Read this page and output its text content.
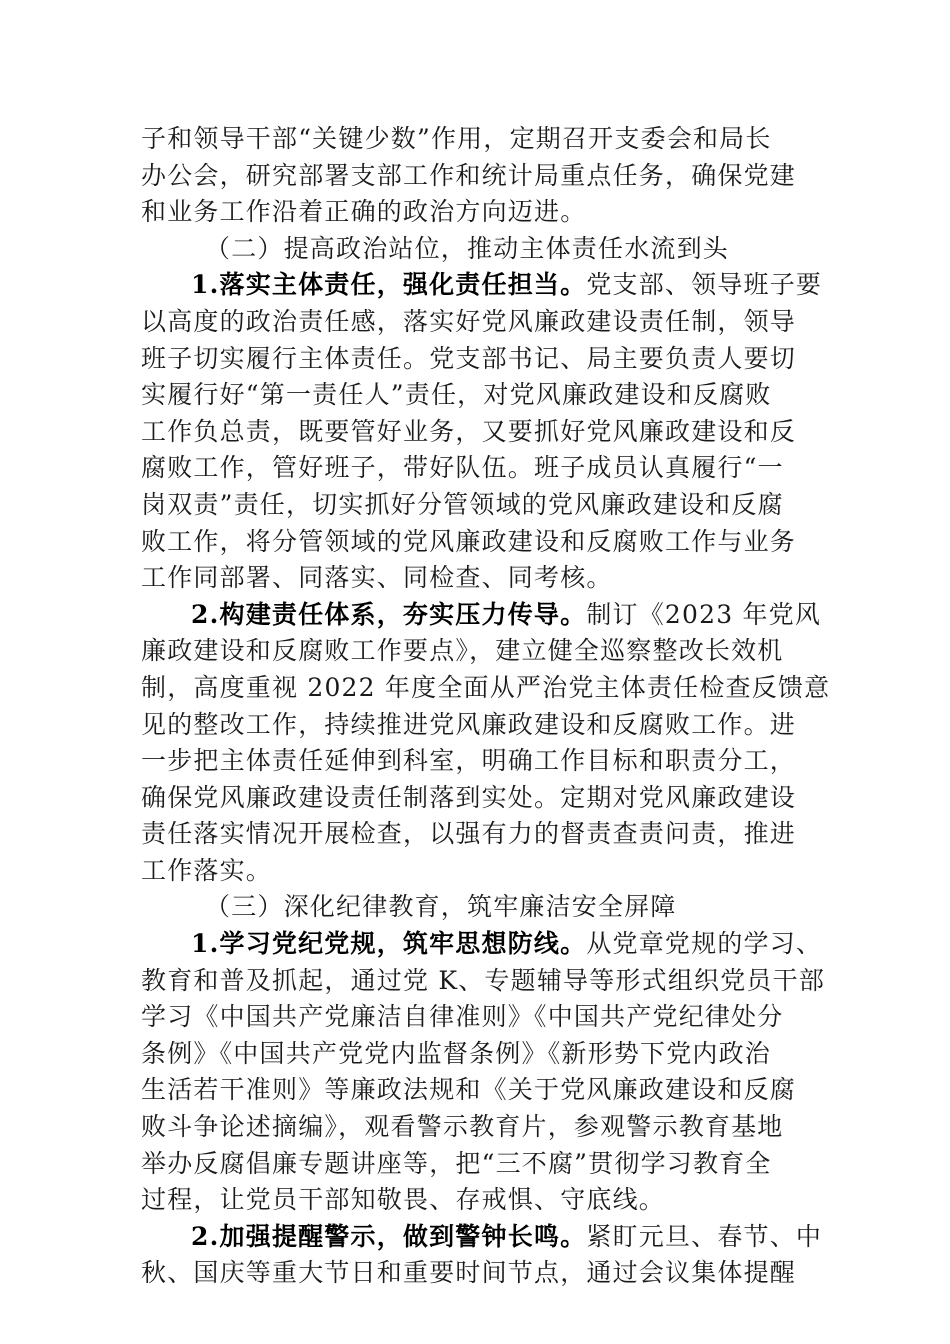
子和领导干部“关键少数”作用，定期召开支委会和局长
办公会，研究部署支部工作和统计局重点任务，确保党建
和业务工作沿着正确的政治方向迈进。
（二）提高政治站位，推动主体责任水流到头
1.落实主体责任，强化责任担当。党支部、领导班子要
以高度的政治责任感，落实好党风廉政建设责任制，领导
班子切实履行主体责任。党支部书记、局主要负责人要切
实履行好“第一责任人”责任，对党风廉政建设和反腐败
工作负总责，既要管好业务，又要抓好党风廉政建设和反
腐败工作，管好班子，带好队伍。班子成员认真履行“一
岗双责”责任，切实抓好分管领域的党风廉政建设和反腐
败工作，将分管领域的党风廉政建设和反腐败工作与业务
工作同部署、同落实、同检查、同考核。
2.构建责任体系，夯实压力传导。制订《2023 年党风
廉政建设和反腐败工作要点》，建立健全巡察整改长效机
制，高度重视 2022 年度全面从严治党主体责任检查反馈意
见的整改工作，持续推进党风廉政建设和反腐败工作。进
一步把主体责任延伸到科室，明确工作目标和职责分工，
确保党风廉政建设责任制落到实处。定期对党风廉政建设
责任落实情况开展检查，以强有力的督责查责问责，推进
工作落实。
（三）深化纪律教育，筑牢廉洁安全屏障
1.学习党纪党规，筑牢思想防线。从党章党规的学习、
教育和普及抓起，通过党 K、专题辅导等形式组织党员干部
学习《中国共产党廉洁自律准则》《中国共产党纪律处分
条例》《中国共产党党内监督条例》《新形势下党内政治
生活若干准则》等廉政法规和《关于党风廉政建设和反腐
败斗争论述摘编》，观看警示教育片，参观警示教育基地
举办反腐倡廉专题讲座等，把“三不腐”贯彻学习教育全
过程，让党员干部知敬畏、存戒惧、守底线。
2.加强提醒警示，做到警钟长鸣。紧盯元旦、春节、中
秋、国庆等重大节日和重要时间节点，通过会议集体提醒
